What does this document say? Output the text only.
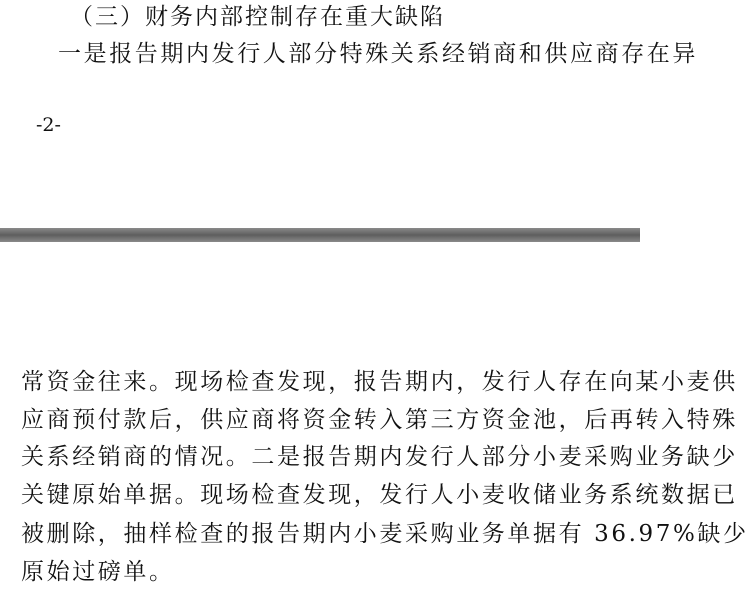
（三）财务内部控制存在重大缺陷
一是报告期内发行人部分特殊关系经销商和供应商存在异
-2-
常资金往来。现场检查发现，报告期内，发行人存在向某小麦供
应商预付款后，供应商将资金转入第三方资金池，后再转入特殊
关系经销商的情况。二是报告期内发行人部分小麦采购业务缺少
关键原始单据。现场检查发现，发行人小麦收储业务系统数据已
被删除，抽样检查的报告期内小麦采购业务单据有 36.97%缺少
原始过磅单。
